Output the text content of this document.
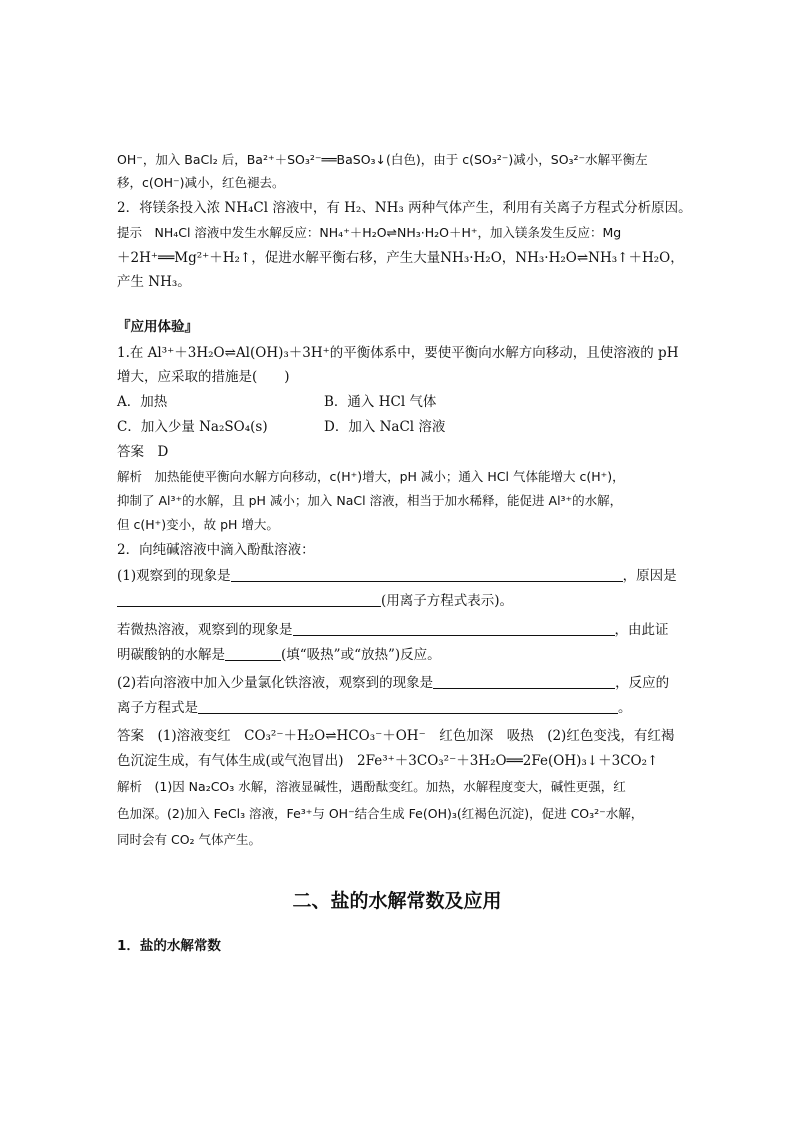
OH⁻，加入 BaCl₂ 后，Ba²⁺＋SO₃²⁻══BaSO₃↓(白色)，由于 c(SO₃²⁻)减小，SO₃²⁻水解平衡左
移，c(OH⁻)减小，红色褪去。
2．将镁条投入浓 NH₄Cl 溶液中，有 H₂、NH₃ 两种气体产生，利用有关离子方程式分析原因。
提示　NH₄Cl 溶液中发生水解反应：NH₄⁺＋H₂O⇌NH₃·H₂O＋H⁺，加入镁条发生反应：Mg
＋2H⁺══Mg²⁺＋H₂↑，促进水解平衡右移，产生大量NH₃·H₂O，NH₃·H₂O⇌NH₃↑＋H₂O，
产生 NH₃。
『应用体验』
1.在 Al³⁺＋3H₂O⇌Al(OH)₃＋3H⁺的平衡体系中，要使平衡向水解方向移动，且使溶液的 pH
增大，应采取的措施是(　　)
A．加热	B．通入 HCl 气体
C．加入少量 Na₂SO₄(s)	D．加入 NaCl 溶液
答案　D
解析　加热能使平衡向水解方向移动，c(H⁺)增大，pH 减小；通入 HCl 气体能增大 c(H⁺)，
抑制了 Al³⁺的水解，且 pH 减小；加入 NaCl 溶液，相当于加水稀释，能促进 Al³⁺的水解，
但 c(H⁺)变小，故 pH 增大。
2．向纯碱溶液中滴入酚酞溶液：
(1)观察到的现象是	，原因是
(用离子方程式表示)。
若微热溶液，观察到的现象是	，由此证
明碳酸钠的水解是	(填“吸热”或“放热”)反应。
(2)若向溶液中加入少量氯化铁溶液，观察到的现象是	，反应的
离子方程式是	。
答案　(1)溶液变红　CO₃²⁻＋H₂O⇌HCO₃⁻＋OH⁻　红色加深　吸热　(2)红色变浅，有红褐
色沉淀生成，有气体生成(或气泡冒出)　2Fe³⁺＋3CO₃²⁻＋3H₂O══2Fe(OH)₃↓＋3CO₂↑
解析　(1)因 Na₂CO₃ 水解，溶液显碱性，遇酚酞变红。加热，水解程度变大，碱性更强，红
色加深。(2)加入 FeCl₃ 溶液，Fe³⁺与 OH⁻结合生成 Fe(OH)₃(红褐色沉淀)，促进 CO₃²⁻水解，
同时会有 CO₂ 气体产生。
二、盐的水解常数及应用
1．盐的水解常数
